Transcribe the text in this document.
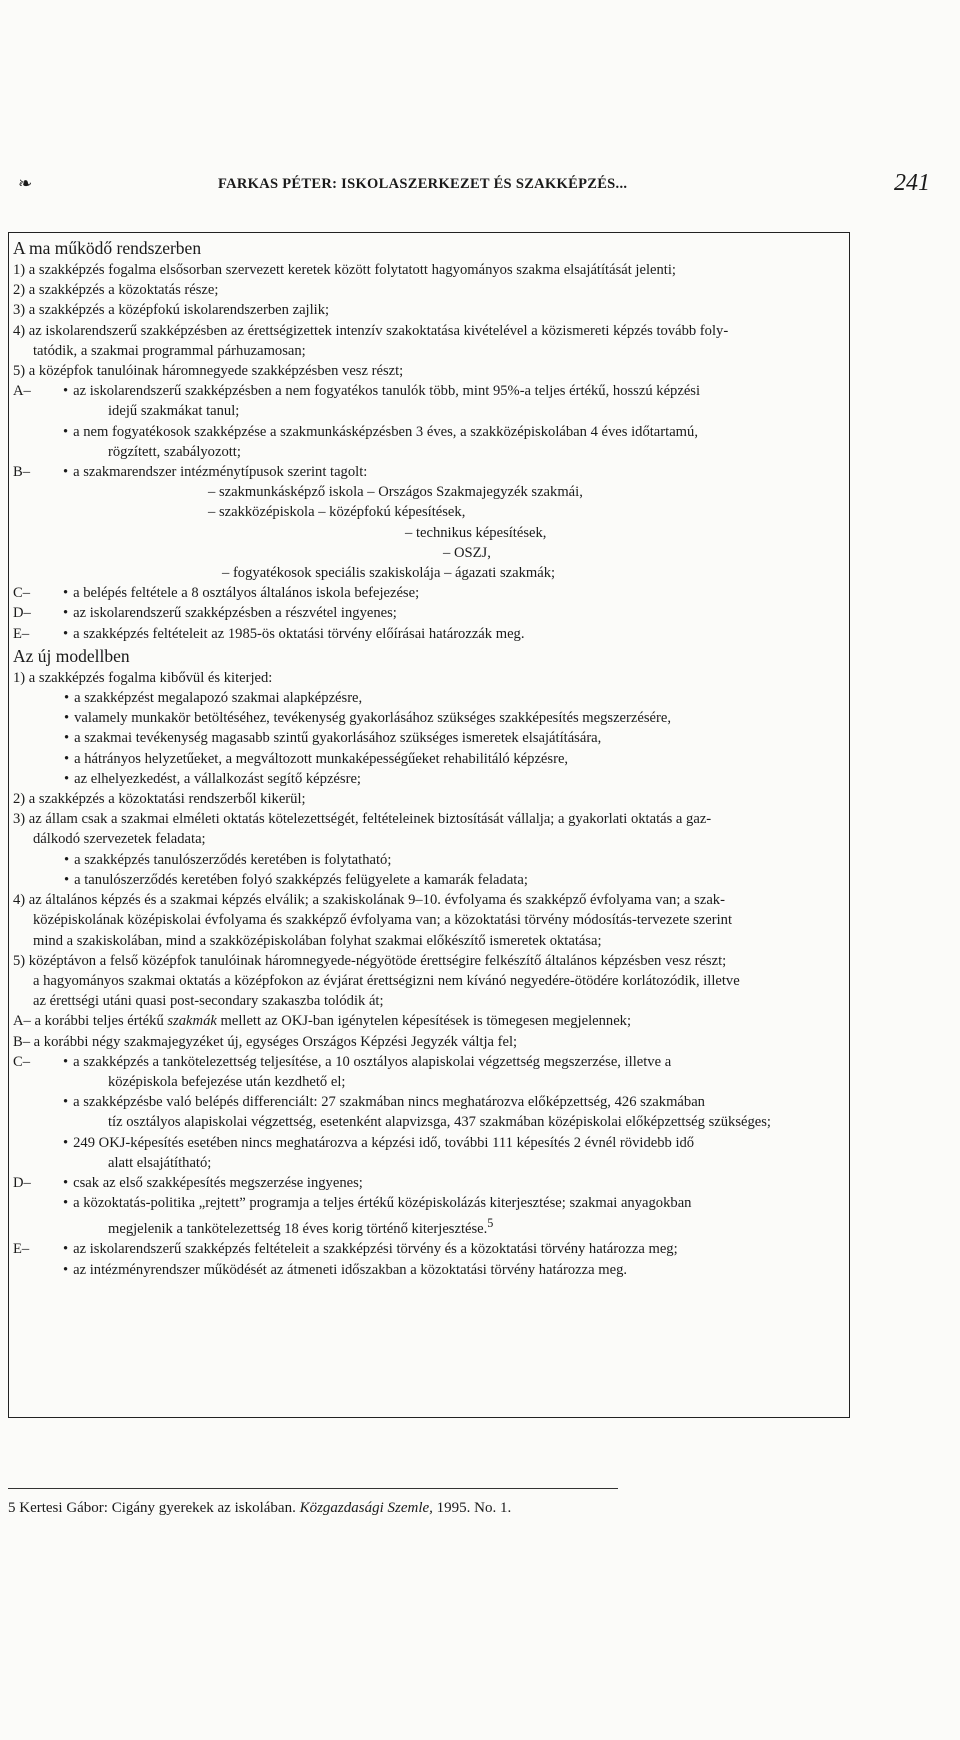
❧	FARKAS PÉTER: ISKOLASZERKEZET ÉS SZAKKÉPZÉS...	241
A ma működő rendszerben
1) a szakképzés fogalma elsősorban szervezett keretek között folytatott hagyományos szakma elsajátítását jelenti;
2) a szakképzés a közoktatás része;
3) a szakképzés a középfokú iskolarendszerben zajlik;
4) az iskolarendszerű szakképzésben az érettségizettek intenzív szakoktatása kivételével a közismereti képzés tovább foly-
tatódik, a szakmai programmal párhuzamosan;
5) a középfok tanulóinak háromnegyede szakképzésben vesz részt;
A–	• az iskolarendszerű szakképzésben a nem fogyatékos tanulók több, mint 95%-a teljes értékű, hosszú képzési
idejű szakmákat tanul;
• a nem fogyatékosok szakképzése a szakmunkásképzésben 3 éves, a szakközépiskolában 4 éves időtartamú,
rögzített, szabályozott;
B–	• a szakmarendszer intézménytípusok szerint tagolt:
– szakmunkásképző iskola – Országos Szakmajegyzék szakmái,
– szakközépiskola – középfokú képesítések,
– technikus képesítések,
– OSZJ,
– fogyatékosok speciális szakiskolája – ágazati szakmák;
C–	• a belépés feltétele a 8 osztályos általános iskola befejezése;
D–	• az iskolarendszerű szakképzésben a részvétel ingyenes;
E–	• a szakképzés feltételeit az 1985-ös oktatási törvény előírásai határozzák meg.
Az új modellben
1) a szakképzés fogalma kibővül és kiterjed:
• a szakképzést megalapozó szakmai alapképzésre,
• valamely munkakör betöltéséhez, tevékenység gyakorlásához szükséges szakképesítés megszerzésére,
• a szakmai tevékenység magasabb szintű gyakorlásához szükséges ismeretek elsajátítására,
• a hátrányos helyzetűeket, a megváltozott munkaképességűeket rehabilitáló képzésre,
• az elhelyezkedést, a vállalkozást segítő képzésre;
2) a szakképzés a közoktatási rendszerből kikerül;
3) az állam csak a szakmai elméleti oktatás kötelezettségét, feltételeinek biztosítását vállalja; a gyakorlati oktatás a gaz-
dálkodó szervezetek feladata;
• a szakképzés tanulószerződés keretében is folytatható;
• a tanulószerződés keretében folyó szakképzés felügyelete a kamarák feladata;
4) az általános képzés és a szakmai képzés elválik; a szakiskolának 9–10. évfolyama és szakképző évfolyama van; a szak-
középiskolának középiskolai évfolyama és szakképző évfolyama van; a közoktatási törvény módosítás-tervezete szerint
mind a szakiskolában, mind a szakközépiskolában folyhat szakmai előkészítő ismeretek oktatása;
5) középtávon a felső középfok tanulóinak háromnegyede-négyötöde érettségire felkészítő általános képzésben vesz részt;
a hagyományos szakmai oktatás a középfokon az évjárat érettségizni nem kívánó negyedére-ötödére korlátozódik, illetve
az érettségi utáni quasi post-secondary szakaszba tolódik át;
A– a korábbi teljes értékű szakmák mellett az OKJ-ban igénytelen képesítések is tömegesen megjelennek;
B– a korábbi négy szakmajegyzéket új, egységes Országos Képzési Jegyzék váltja fel;
C–	• a szakképzés a tankötelezettség teljesítése, a 10 osztályos alapiskolai végzettség megszerzése, illetve a
középiskola befejezése után kezdhető el;
• a szakképzésbe való belépés differenciált: 27 szakmában nincs meghatározva előképzettség, 426 szakmában
tíz osztályos alapiskolai végzettség, esetenként alapvizsga, 437 szakmában középiskolai előképzettség szükséges;
• 249 OKJ-képesítés esetében nincs meghatározva a képzési idő, további 111 képesítés 2 évnél rövidebb idő
alatt elsajátítható;
D–	• csak az első szakképesítés megszerzése ingyenes;
• a közoktatás-politika „rejtett” programja a teljes értékű középiskolázás kiterjesztése; szakmai anyagokban
megjelenik a tankötelezettség 18 éves korig történő kiterjesztése.$^5$
E–	• az iskolarendszerű szakképzés feltételeit a szakképzési törvény és a közoktatási törvény határozza meg;
• az intézményrendszer működését az átmeneti időszakban a közoktatási törvény határozza meg.
5 Kertesi Gábor: Cigány gyerekek az iskolában. Közgazdasági Szemle, 1995. No. 1.
